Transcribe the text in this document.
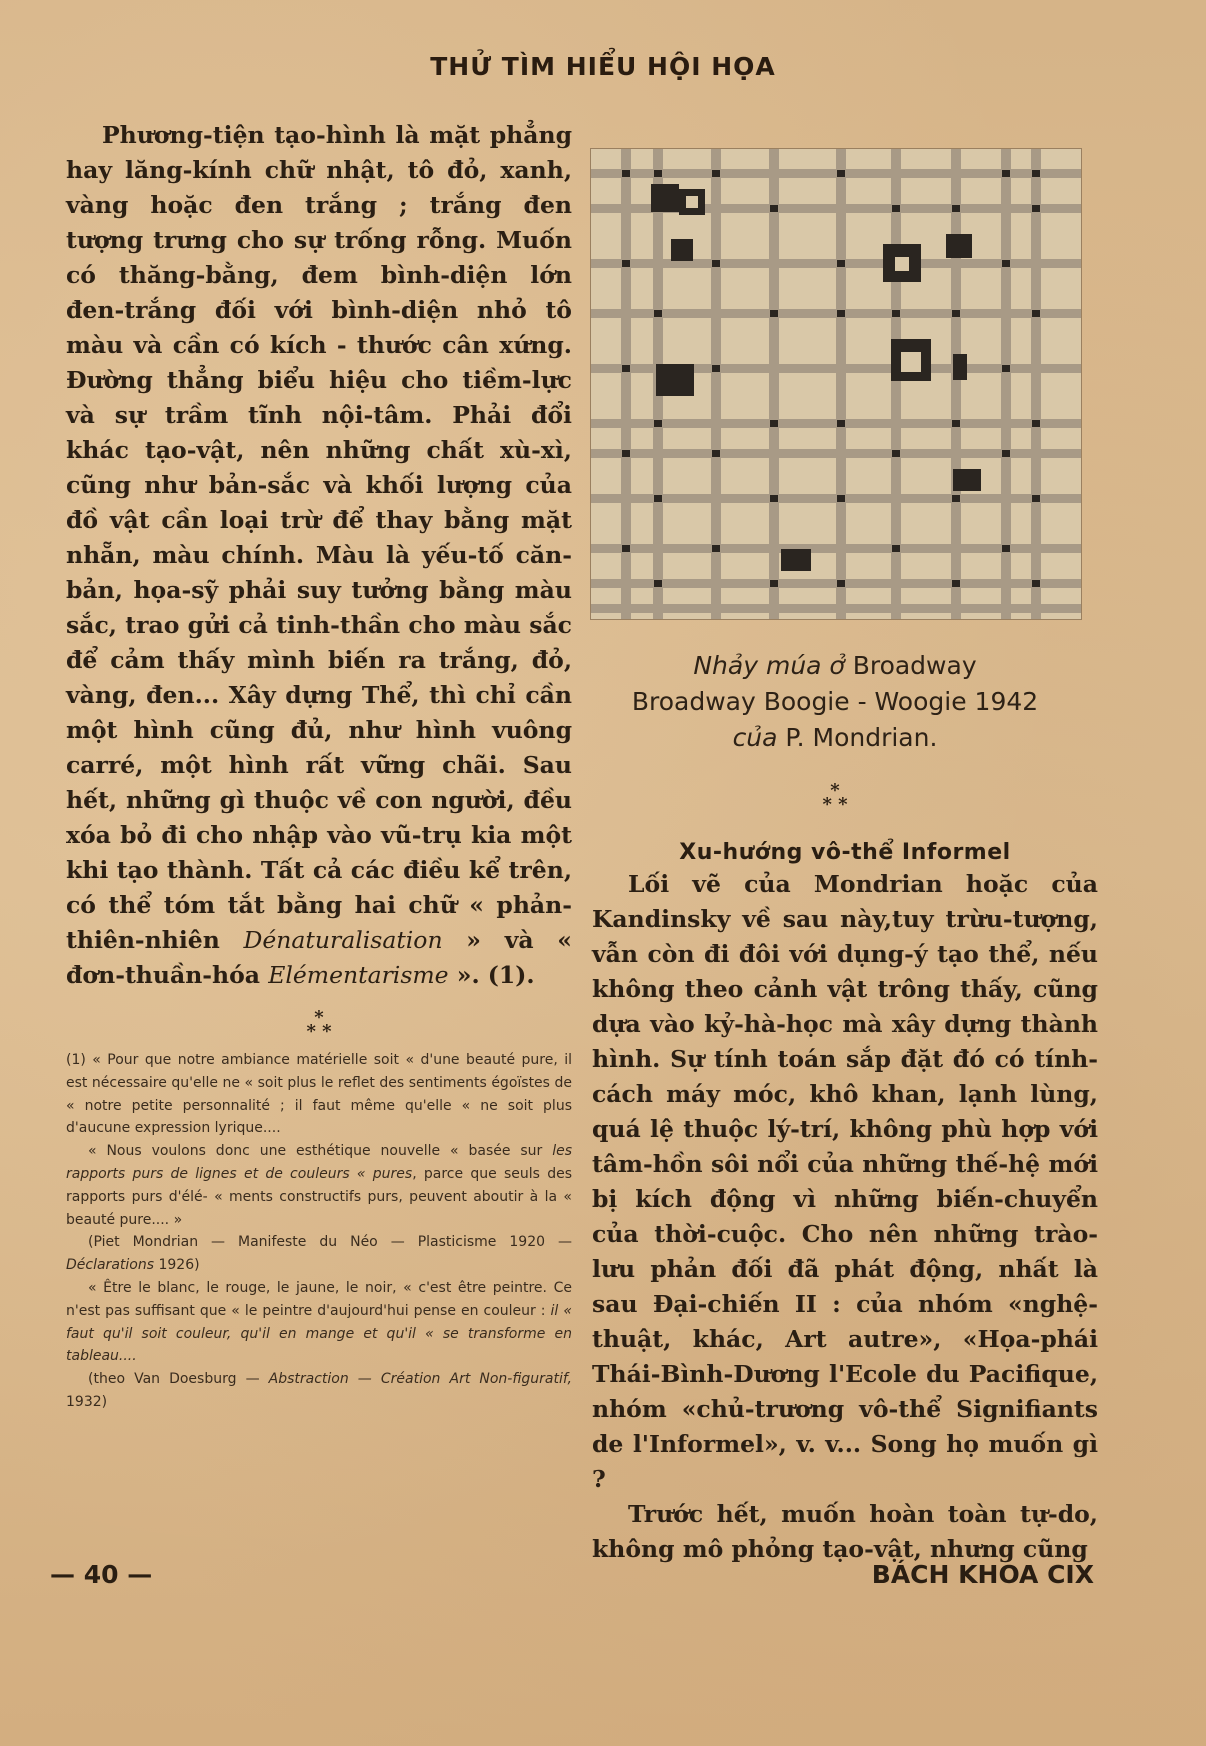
THỬ TÌM HIỂU HỘI HỌA

Phương-tiện tạo-hình là mặt phẳng hay lăng-kính chữ nhật, tô đỏ, xanh, vàng hoặc đen trắng ; trắng đen tượng trưng cho sự trống rỗng. Muốn có thăng-bằng, đem bình-diện lớn đen-trắng đối với bình-diện nhỏ tô màu và cần có kích - thước cân xứng. Đường thẳng biểu hiệu cho tiềm-lực và sự trầm tĩnh nội-tâm. Phải đổi khác tạo-vật, nên những chất xù-xì, cũng như bản-sắc và khối lượng của đồ vật cần loại trừ để thay bằng mặt nhẵn, màu chính. Màu là yếu-tố căn-bản, họa-sỹ phải suy tưởng bằng màu sắc, trao gửi cả tinh-thần cho màu sắc để cảm thấy mình biến ra trắng, đỏ, vàng, đen... Xây dựng Thể, thì chỉ cần một hình cũng đủ, như hình vuông carré, một hình rất vững chãi. Sau hết, những gì thuộc về con người, đều xóa bỏ đi cho nhập vào vũ-trụ kia một khi tạo thành. Tất cả các điều kể trên, có thể tóm tắt bằng hai chữ « phản-thiên-nhiên Dénaturalisation » và « đơn-thuần-hóa Elémentarisme ». (1).

*
* *

(1) « Pour que notre ambiance matérielle soit « d'une beauté pure, il est nécessaire qu'elle ne « soit plus le reflet des sentiments égoïstes de « notre petite personnalité ; il faut même qu'elle « ne soit plus d'aucune expression lyrique....

« Nous voulons donc une esthétique nouvelle « basée sur les rapports purs de lignes et de couleurs « pures, parce que seuls des rapports purs d'élé- « ments constructifs purs, peuvent aboutir à la « beauté pure.... »

(Piet Mondrian — Manifeste du Néo — Plasticisme 1920 — Déclarations 1926)

« Être le blanc, le rouge, le jaune, le noir, « c'est être peintre. Ce n'est pas suffisant que « le peintre d'aujourd'hui pense en couleur : il « faut qu'il soit couleur, qu'il en mange et qu'il « se transforme en tableau....

(theo Van Doesburg — Abstraction — Création Art Non-figuratif, 1932)

Nhảy múa ở Broadway
Broadway Boogie - Woogie 1942
của P. Mondrian.
*
* *
Xu-hướng vô-thể Informel

Lối vẽ của Mondrian hoặc của Kandinsky về sau này,tuy trừu-tượng, vẫn còn đi đôi với dụng-ý tạo thể, nếu không theo cảnh vật trông thấy, cũng dựa vào kỷ-hà-học mà xây dựng thành hình. Sự tính toán sắp đặt đó có tính-cách máy móc, khô khan, lạnh lùng, quá lệ thuộc lý-trí, không phù hợp với tâm-hồn sôi nổi của những thế-hệ mới bị kích động vì những biến-chuyển của thời-cuộc. Cho nên những trào-lưu phản đối đã phát động, nhất là sau Đại-chiến II : của nhóm «nghệ-thuật, khác, Art autre», «Họa-phái Thái-Bình-Dương l'Ecole du Pacifique, nhóm «chủ-trương vô-thể Signifiants de l'Informel», v. v... Song họ muốn gì ?

Trước hết, muốn hoàn toàn tự-do, không mô phỏng tạo-vật, nhưng cũng

— 40 —	BÁCH KHOA CIX
